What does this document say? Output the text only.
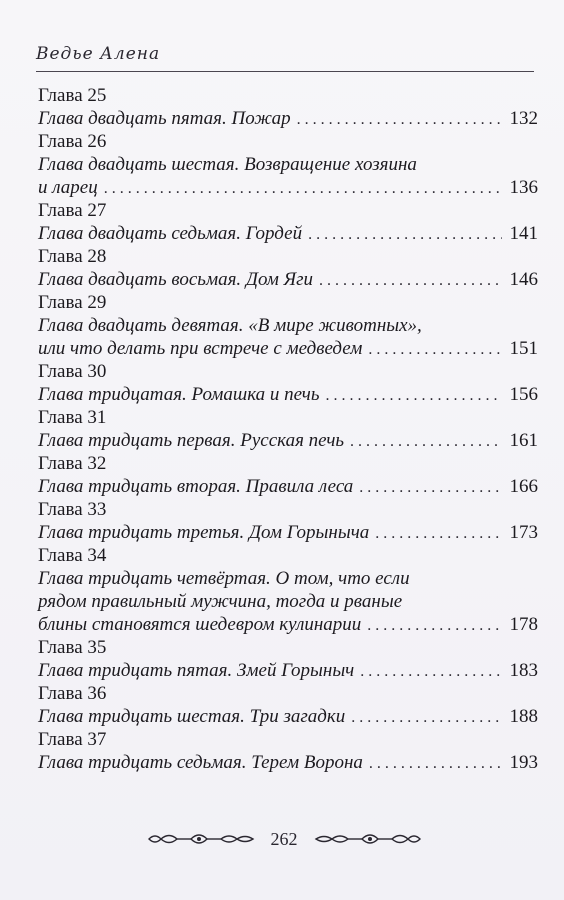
Ведье Алена
Глава 25
Глава двадцать пятая. Пожар . . .	132
Глава 26
Глава двадцать шестая. Возвращение хозяина
и ларец . . .	136
Глава 27
Глава двадцать седьмая. Гордей . . .	141
Глава 28
Глава двадцать восьмая. Дом Яги . . .	146
Глава 29
Глава двадцать девятая. «В мире животных»,
или что делать при встрече с медведем . . .	151
Глава 30
Глава тридцатая. Ромашка и печь . . .	156
Глава 31
Глава тридцать первая. Русская печь . . .	161
Глава 32
Глава тридцать вторая. Правила леса . . .	166
Глава 33
Глава тридцать третья. Дом Горыныча . . .	173
Глава 34
Глава тридцать четвёртая. О том, что если
рядом правильный мужчина, тогда и рваные
блины становятся шедевром кулинарии . . .	178
Глава 35
Глава тридцать пятая. Змей Горыныч . . .	183
Глава 36
Глава тридцать шестая. Три загадки . . .	188
Глава 37
Глава тридцать седьмая. Терем Ворона . . .	193
262
